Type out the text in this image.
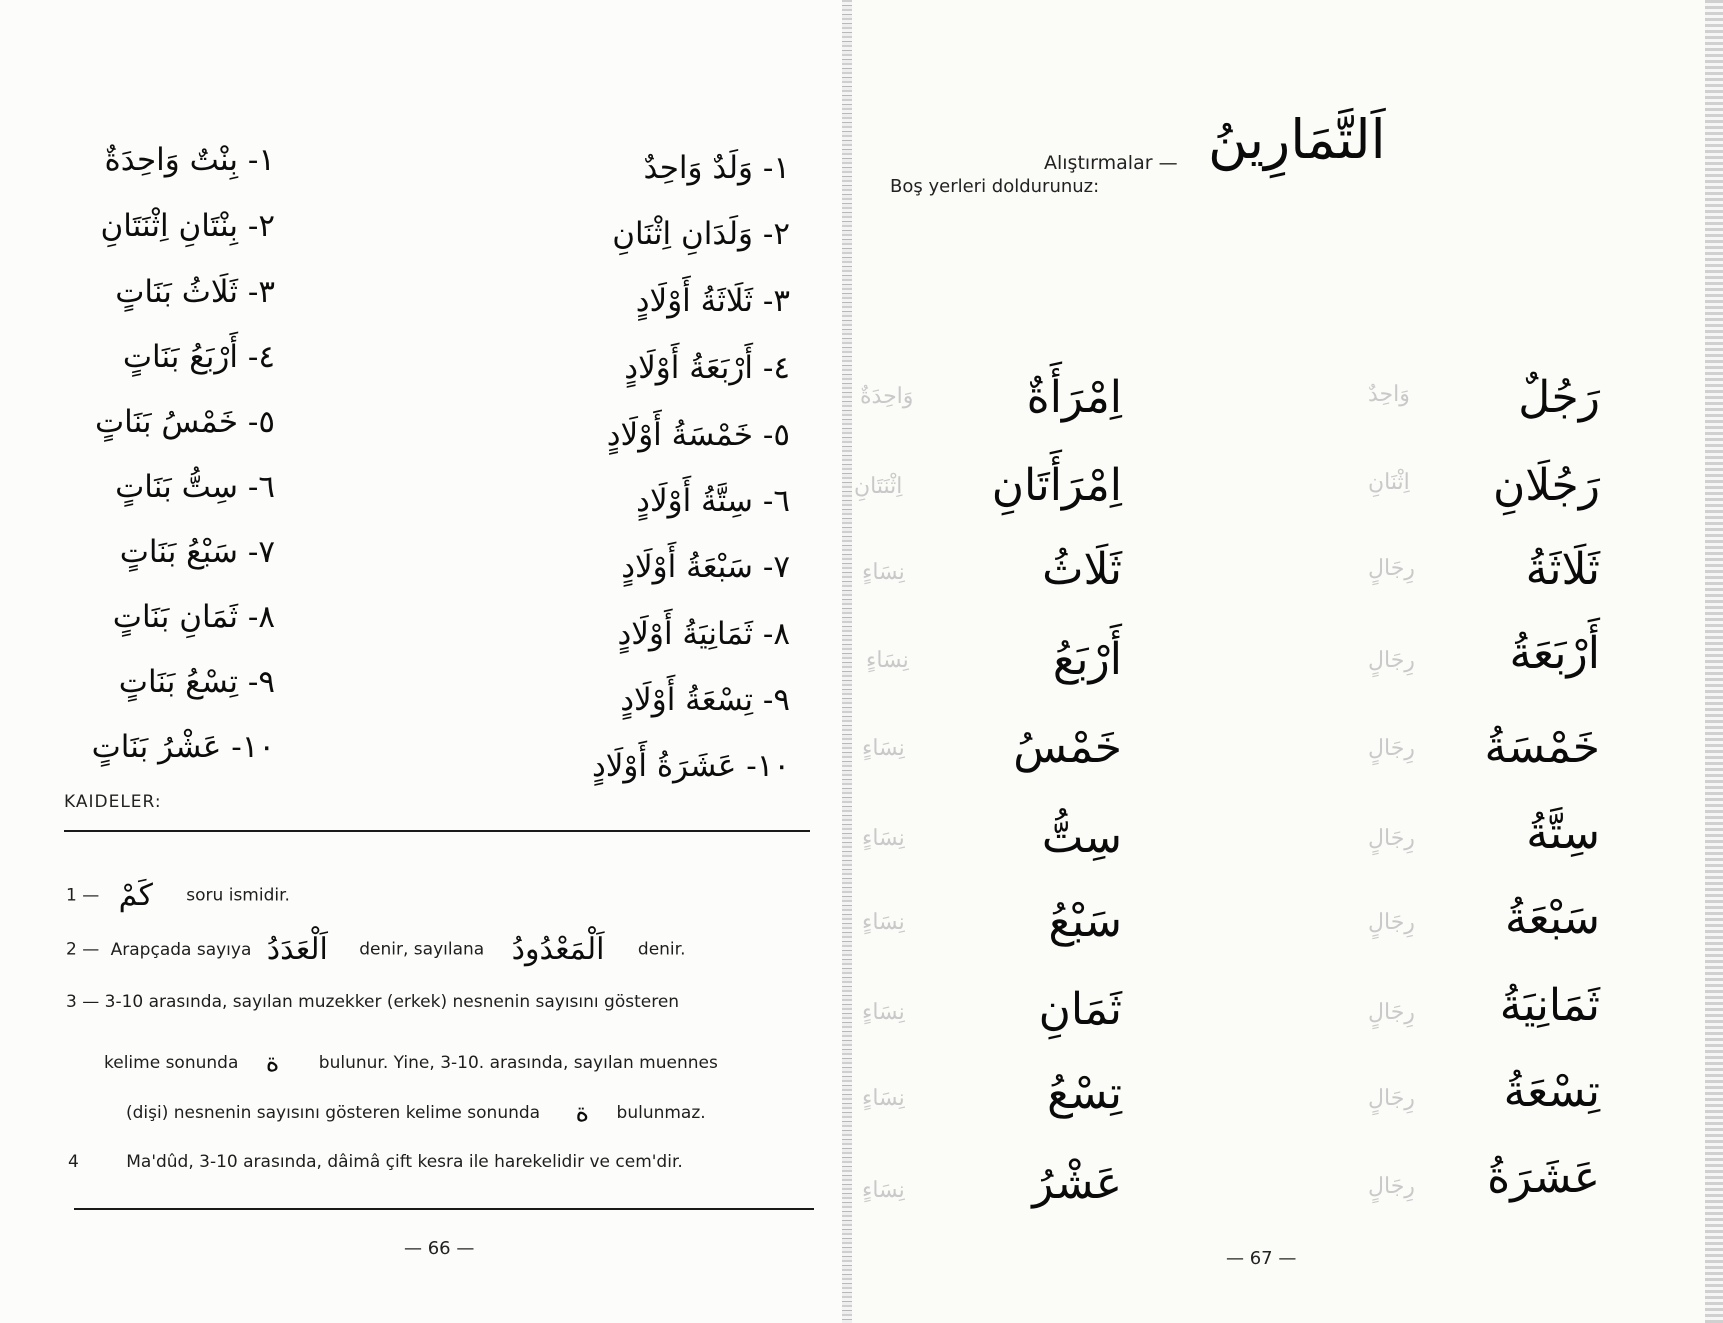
١- وَلَدٌ وَاحِدٌ
٢- وَلَدَانِ اِثْنَانِ
٣- ثَلَاثَةُ أَوْلَادٍ
٤- أَرْبَعَةُ أَوْلَادٍ
٥- خَمْسَةُ أَوْلَادٍ
٦- سِتَّةُ أَوْلَادٍ
٧- سَبْعَةُ أَوْلَادٍ
٨- ثَمَانِيَةُ أَوْلَادٍ
٩- تِسْعَةُ أَوْلَادٍ
١٠- عَشَرَةُ أَوْلَادٍ
١- بِنْتٌ وَاحِدَةٌ
٢- بِنْتَانِ اِثْنَتَانِ
٣- ثَلَاثُ بَنَاتٍ
٤- أَرْبَعُ بَنَاتٍ
٥- خَمْسُ بَنَاتٍ
٦- سِتُّ بَنَاتٍ
٧- سَبْعُ بَنَاتٍ
٨- ثَمَانِ بَنَاتٍ
٩- تِسْعُ بَنَاتٍ
١٠- عَشْرُ بَنَاتٍ
KAIDELER:
1 — كَمْ soru ismidir.
2 — Arapçada sayıya اَلْعَدَدُ denir, sayılana اَلْمَعْدُودُ denir.
3 — 3-10 arasında, sayılan muzekker (erkek) nesnenin sayısını gösteren
kelime sonunda ة bulunur. Yine, 3-10. arasında, sayılan muennes
(dişi) nesnenin sayısını gösteren kelime sonunda ة bulunmaz.
4	Ma'dûd, 3-10 arasında, dâimâ çift kesra ile harekelidir ve cem'dir.
— 66 —
Alıştırmalar — اَلتَّمَارِينُ
Boş yerleri doldurunuz:
رَجُلٌ
رَجُلَانِ
ثَلَاثَةُ
أَرْبَعَةُ
خَمْسَةُ
سِتَّةُ
سَبْعَةُ
ثَمَانِيَةُ
تِسْعَةُ
عَشَرَةُ
وَاحِدٌ
اِثْنَانِ
رِجَالٍ
رِجَالٍ
رِجَالٍ
رِجَالٍ
رِجَالٍ
رِجَالٍ
رِجَالٍ
رِجَالٍ
اِمْرَأَةٌ
اِمْرَأَتَانِ
ثَلَاثُ
أَرْبَعُ
خَمْسُ
سِتُّ
سَبْعُ
ثَمَانِ
تِسْعُ
عَشْرُ
وَاحِدَةٌ
اِثْنَتَانِ
نِسَاءٍ
نِسَاءٍ
نِسَاءٍ
نِسَاءٍ
نِسَاءٍ
نِسَاءٍ
نِسَاءٍ
نِسَاءٍ
— 67 —
